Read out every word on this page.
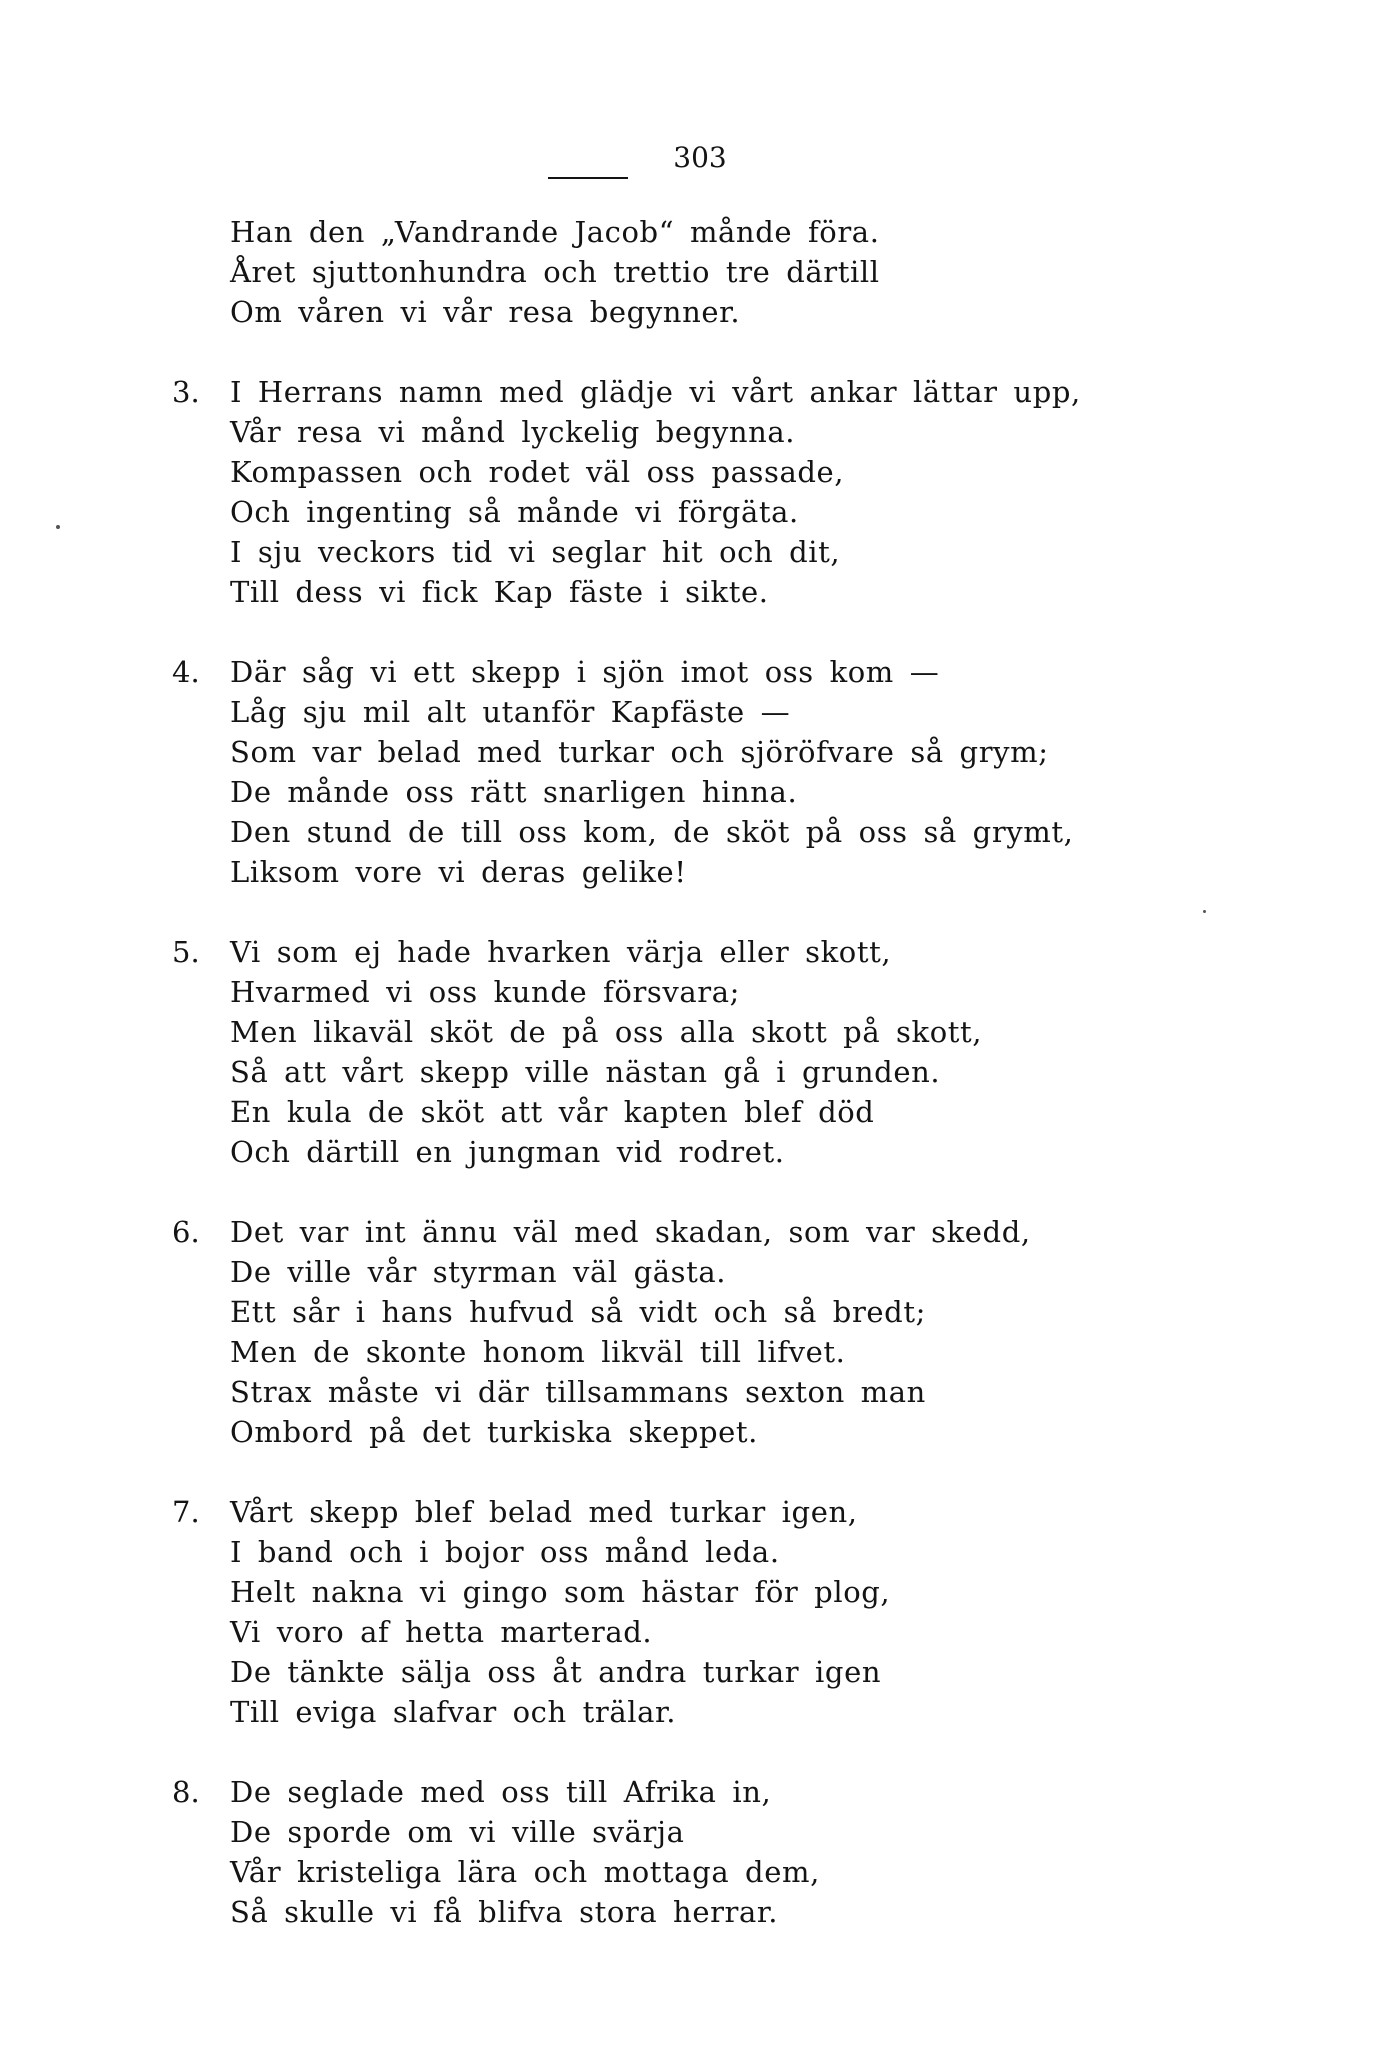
303
Han den „Vandrande Jacob“ månde föra.
Året sjuttonhundra och trettio tre därtill
Om våren vi vår resa begynner.
3. I Herrans namn med glädje vi vårt ankar lättar upp,
Vår resa vi månd lyckelig begynna.
Kompassen och rodet väl oss passade,
Och ingenting så månde vi förgäta.
I sju veckors tid vi seglar hit och dit,
Till dess vi fick Kap fäste i sikte.
4. Där såg vi ett skepp i sjön imot oss kom —
Låg sju mil alt utanför Kapfäste —
Som var belad med turkar och sjöröfvare så grym;
De månde oss rätt snarligen hinna.
Den stund de till oss kom, de sköt på oss så grymt,
Liksom vore vi deras gelike!
5. Vi som ej hade hvarken värja eller skott,
Hvarmed vi oss kunde försvara;
Men likaväl sköt de på oss alla skott på skott,
Så att vårt skepp ville nästan gå i grunden.
En kula de sköt att vår kapten blef död
Och därtill en jungman vid rodret.
6. Det var int ännu väl med skadan, som var skedd,
De ville vår styrman väl gästa.
Ett sår i hans hufvud så vidt och så bredt;
Men de skonte honom likväl till lifvet.
Strax måste vi där tillsammans sexton man
Ombord på det turkiska skeppet.
7. Vårt skepp blef belad med turkar igen,
I band och i bojor oss månd leda.
Helt nakna vi gingo som hästar för plog,
Vi voro af hetta marterad.
De tänkte sälja oss åt andra turkar igen
Till eviga slafvar och trälar.
8. De seglade med oss till Afrika in,
De sporde om vi ville svärja
Vår kristeliga lära och mottaga dem,
Så skulle vi få blifva stora herrar.
